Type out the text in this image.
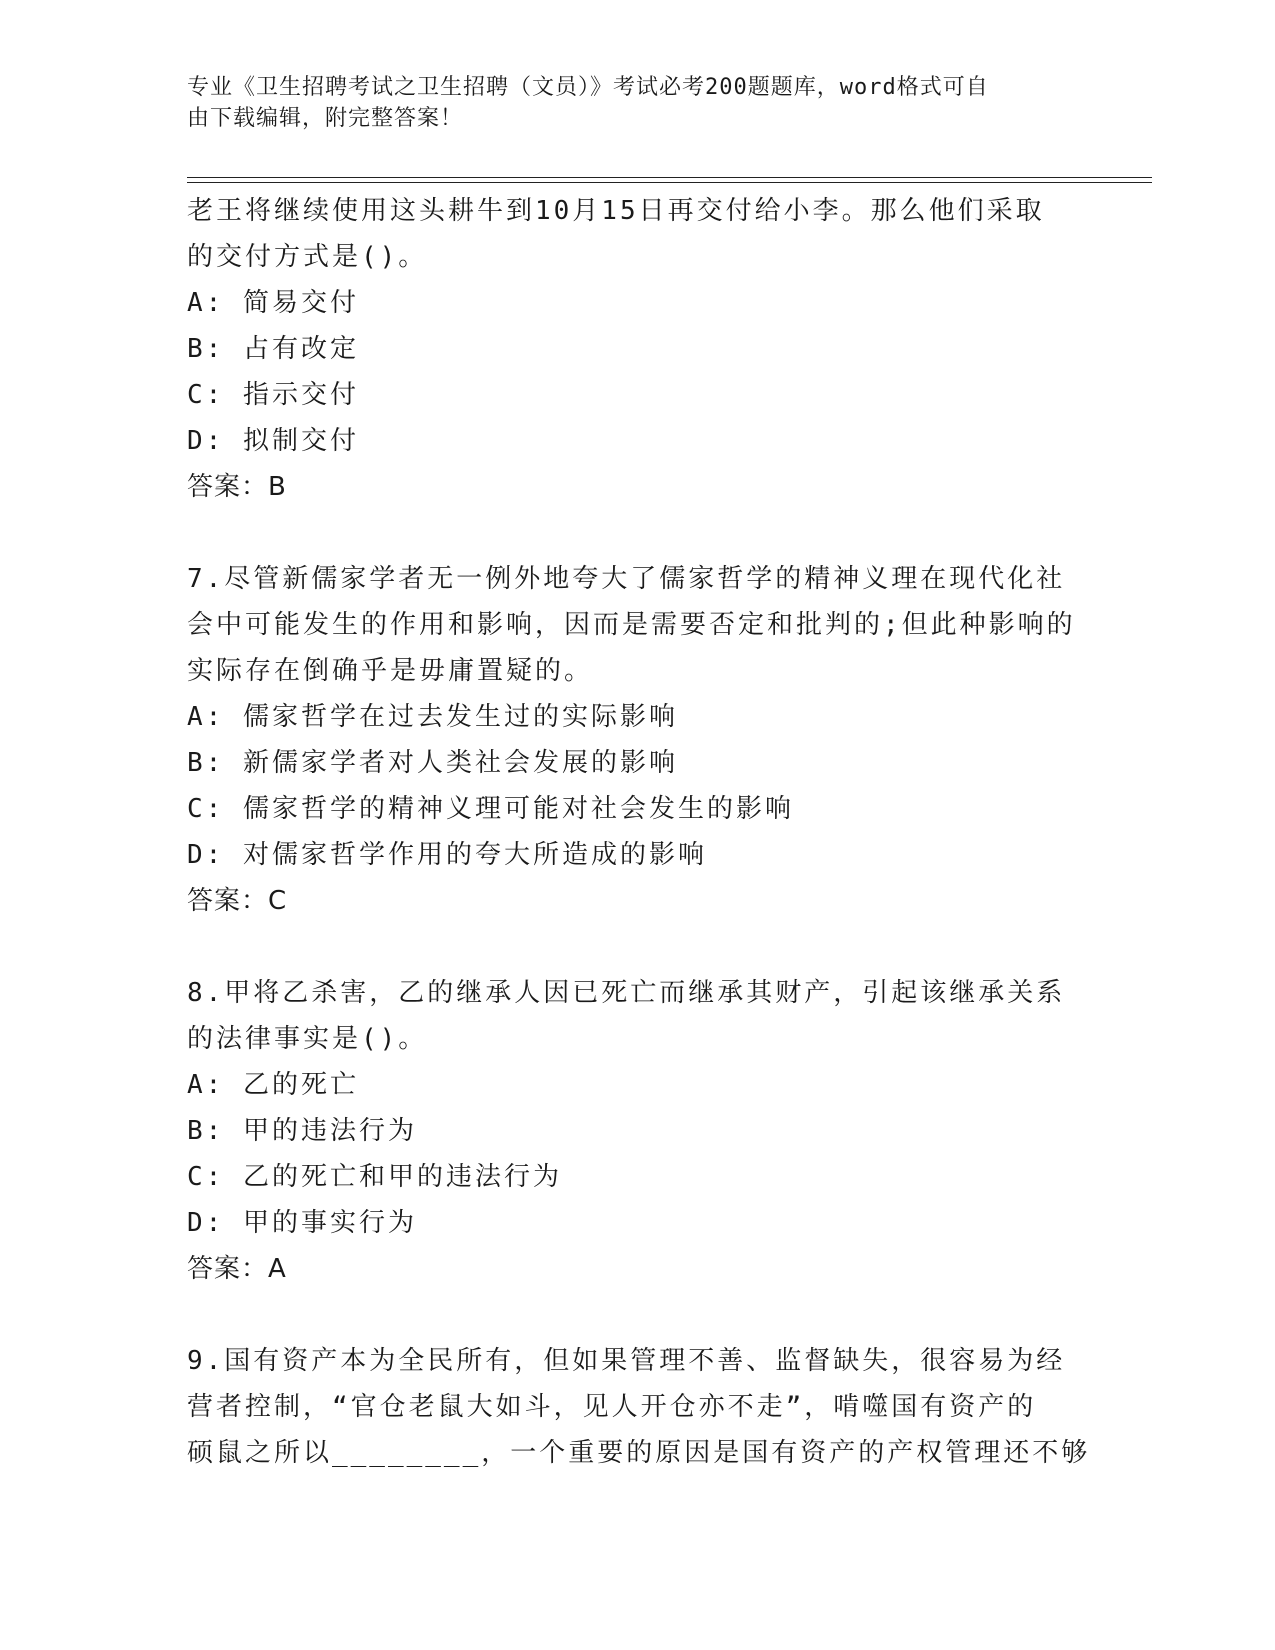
专业《卫生招聘考试之卫生招聘（文员）》考试必考200题题库，word格式可自
由下载编辑，附完整答案！
老王将继续使用这头耕牛到10月15日再交付给小李。那么他们采取
的交付方式是()。
A: 简易交付
B: 占有改定
C: 指示交付
D: 拟制交付
答案：B
7.尽管新儒家学者无一例外地夸大了儒家哲学的精神义理在现代化社
会中可能发生的作用和影响，因而是需要否定和批判的;但此种影响的
实际存在倒确乎是毋庸置疑的。
A: 儒家哲学在过去发生过的实际影响
B: 新儒家学者对人类社会发展的影响
C: 儒家哲学的精神义理可能对社会发生的影响
D: 对儒家哲学作用的夸大所造成的影响
答案：C
8.甲将乙杀害，乙的继承人因已死亡而继承其财产，引起该继承关系
的法律事实是()。
A: 乙的死亡
B: 甲的违法行为
C: 乙的死亡和甲的违法行为
D: 甲的事实行为
答案：A
9.国有资产本为全民所有，但如果管理不善、监督缺失，很容易为经
营者控制，“官仓老鼠大如斗，见人开仓亦不走”，啃噬国有资产的
硕鼠之所以________，一个重要的原因是国有资产的产权管理还不够
